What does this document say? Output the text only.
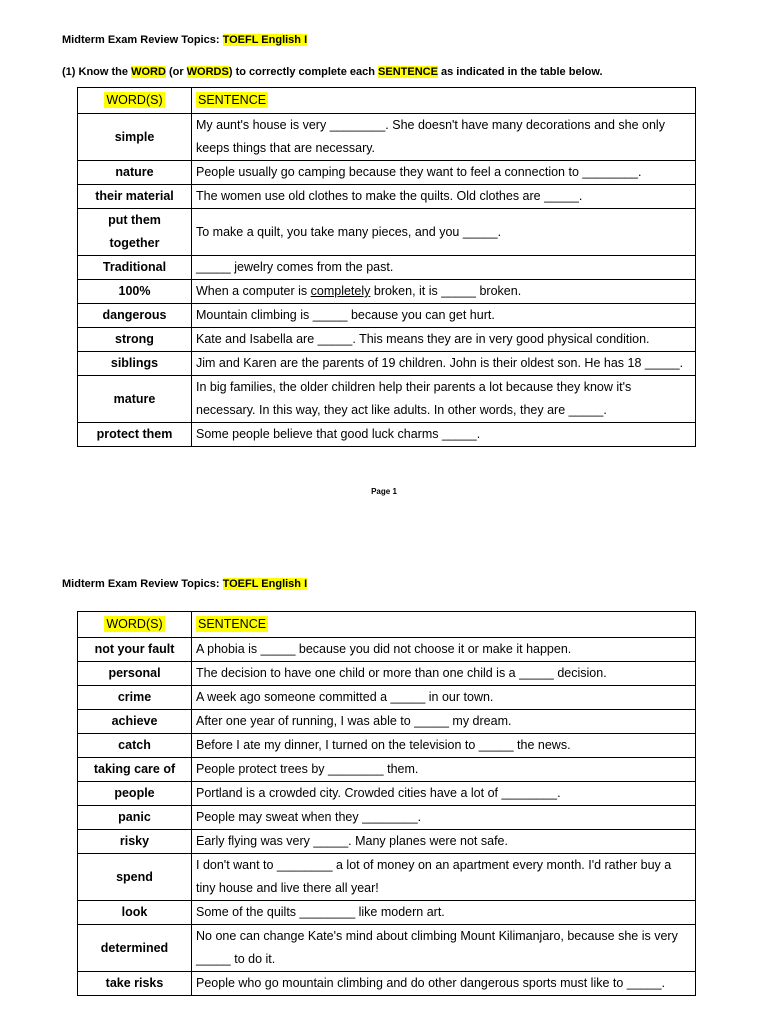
Midterm Exam Review Topics: TOEFL English I
(1) Know the WORD (or WORDS) to correctly complete each SENTENCE as indicated in the table below.
WORD(S)	SENTENCE
simple	My aunt's house is very ________. She doesn't have many decorations and she only keeps things that are necessary.
nature	People usually go camping because they want to feel a connection to ________.
their material	The women use old clothes to make the quilts. Old clothes are _____.
put them together	To make a quilt, you take many pieces, and you _____.
Traditional	_____ jewelry comes from the past.
100%	When a computer is completely broken, it is _____ broken.
dangerous	Mountain climbing is _____ because you can get hurt.
strong	Kate and Isabella are _____. This means they are in very good physical condition.
siblings	Jim and Karen are the parents of 19 children. John is their oldest son. He has 18 _____.
mature	In big families, the older children help their parents a lot because they know it's necessary. In this way, they act like adults. In other words, they are _____.
protect them	Some people believe that good luck charms _____.
Page 1
Midterm Exam Review Topics: TOEFL English I
WORD(S)	SENTENCE
not your fault	A phobia is _____ because you did not choose it or make it happen.
personal	The decision to have one child or more than one child is a _____ decision.
crime	A week ago someone committed a _____ in our town.
achieve	After one year of running, I was able to _____ my dream.
catch	Before I ate my dinner, I turned on the television to _____ the news.
taking care of	People protect trees by ________ them.
people	Portland is a crowded city. Crowded cities have a lot of ________.
panic	People may sweat when they ________.
risky	Early flying was very _____. Many planes were not safe.
spend	I don't want to ________ a lot of money on an apartment every month. I'd rather buy a tiny house and live there all year!
look	Some of the quilts ________ like modern art.
determined	No one can change Kate's mind about climbing Mount Kilimanjaro, because she is very _____ to do it.
take risks	People who go mountain climbing and do other dangerous sports must like to _____.
